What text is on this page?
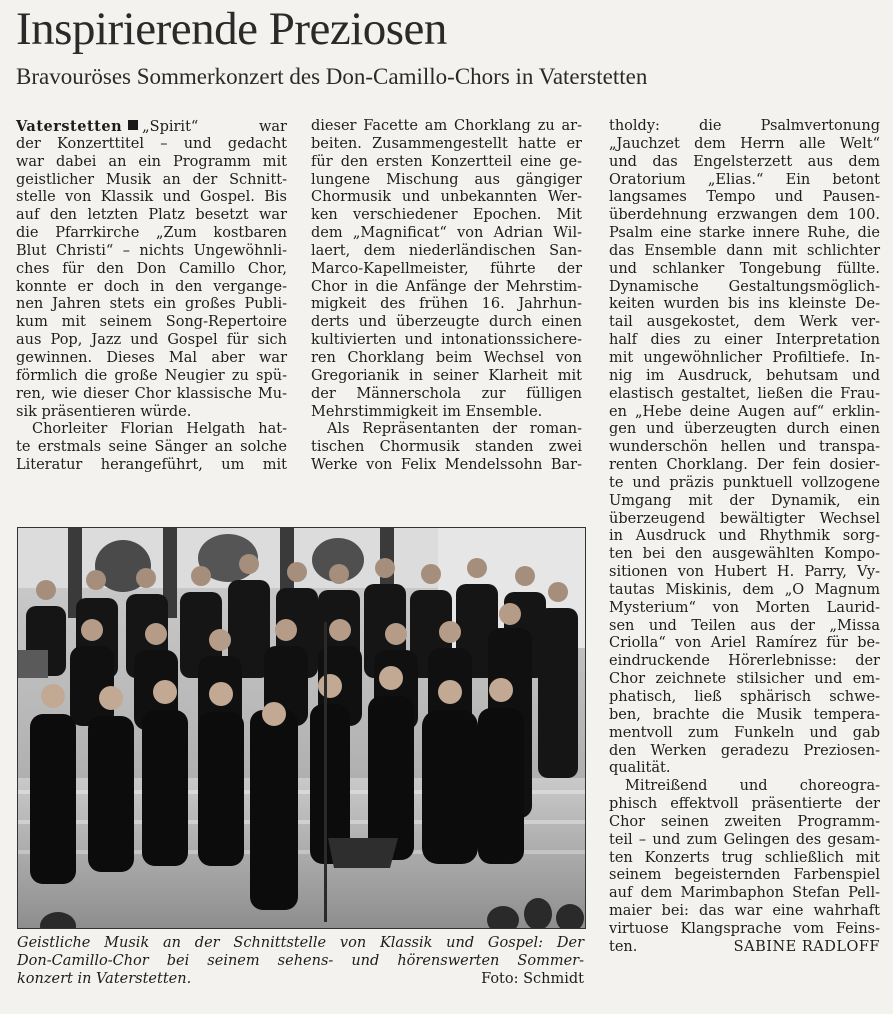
Inspirierende Preziosen
Bravouröses Sommerkonzert des Don-Camillo-Chors in Vaterstetten
Vaterstetten „Spirit“ war
der Konzerttitel – und gedacht
war dabei an ein Programm mit
geistlicher Musik an der Schnitt-
stelle von Klassik und Gospel. Bis
auf den letzten Platz besetzt war
die Pfarrkirche „Zum kostbaren
Blut Christi“ – nichts Ungewöhnli-
ches für den Don Camillo Chor,
konnte er doch in den vergange-
nen Jahren stets ein großes Publi-
kum mit seinem Song-Repertoire
aus Pop, Jazz und Gospel für sich
gewinnen. Dieses Mal aber war
förmlich die große Neugier zu spü-
ren, wie dieser Chor klassische Mu-
sik präsentieren würde.
Chorleiter Florian Helgath hat-
te erstmals seine Sänger an solche
Literatur herangeführt, um mit
dieser Facette am Chorklang zu ar-
beiten. Zusammengestellt hatte er
für den ersten Konzertteil eine ge-
lungene Mischung aus gängiger
Chormusik und unbekannten Wer-
ken verschiedener Epochen. Mit
dem „Magnificat“ von Adrian Wil-
laert, dem niederländischen San-
Marco-Kapellmeister, führte der
Chor in die Anfänge der Mehrstim-
migkeit des frühen 16. Jahrhun-
derts und überzeugte durch einen
kultivierten und intonationssichere-
ren Chorklang beim Wechsel von
Gregorianik in seiner Klarheit mit
der Männerschola zur fülligen
Mehrstimmigkeit im Ensemble.
Als Repräsentanten der roman-
tischen Chormusik standen zwei
Werke von Felix Mendelssohn Bar-
tholdy: die Psalmvertonung
„Jauchzet dem Herrn alle Welt“
und das Engelsterzett aus dem
Oratorium „Elias.“ Ein betont
langsames Tempo und Pausen-
überdehnung erzwangen dem 100.
Psalm eine starke innere Ruhe, die
das Ensemble dann mit schlichter
und schlanker Tongebung füllte.
Dynamische Gestaltungsmöglich-
keiten wurden bis ins kleinste De-
tail ausgekostet, dem Werk ver-
half dies zu einer Interpretation
mit ungewöhnlicher Profiltiefe. In-
nig im Ausdruck, behutsam und
elastisch gestaltet, ließen die Frau-
en „Hebe deine Augen auf“ erklin-
gen und überzeugten durch einen
wunderschön hellen und transpa-
renten Chorklang. Der fein dosier-
te und präzis punktuell vollzogene
Umgang mit der Dynamik, ein
überzeugend bewältigter Wechsel
in Ausdruck und Rhythmik sorg-
ten bei den ausgewählten Kompo-
sitionen von Hubert H. Parry, Vy-
tautas Miskinis, dem „O Magnum
Mysterium“ von Morten Laurid-
sen und Teilen aus der „Missa
Criolla“ von Ariel Ramírez für be-
eindruckende Hörerlebnisse: der
Chor zeichnete stilsicher und em-
phatisch, ließ sphärisch schwe-
ben, brachte die Musik tempera-
mentvoll zum Funkeln und gab
den Werken geradezu Preziosen-
qualität.
Mitreißend und choreogra-
phisch effektvoll präsentierte der
Chor seinen zweiten Programm-
teil – und zum Gelingen des gesam-
ten Konzerts trug schließlich mit
seinem begeisternden Farbenspiel
auf dem Marimbaphon Stefan Pell-
maier bei: das war eine wahrhaft
virtuose Klangsprache vom Feins-
ten.	SABINE RADLOFF
Geistliche Musik an der Schnittstelle von Klassik und Gospel: Der
Don-Camillo-Chor bei seinem sehens- und hörenswerten Sommer-
konzert in Vaterstetten.	Foto: Schmidt
